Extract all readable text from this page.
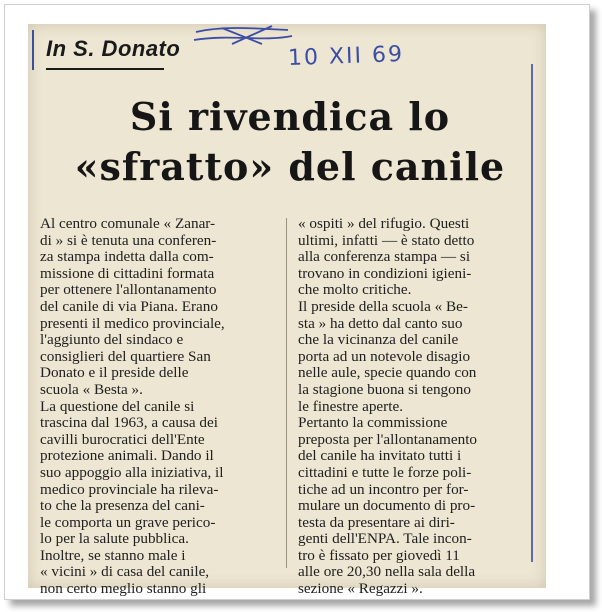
In S. Donato	10 XII 69
Si rivendica lo
«sfratto» del canile

Al centro comunale « Zanar-

di » si è tenuta una conferen-

za stampa indetta dalla com-

missione di cittadini formata

per ottenere l'allontanamento

del canile di via Piana. Erano

presenti il medico provinciale,

l'aggiunto del sindaco e

consiglieri del quartiere San

Donato e il preside delle

scuola « Besta ».

La questione del canile si

trascina dal 1963, a causa dei

cavilli burocratici dell'Ente

protezione animali. Dando il

suo appoggio alla iniziativa, il

medico provinciale ha rileva-

to che la presenza del cani-

le comporta un grave perico-

lo per la salute pubblica.

Inoltre, se stanno male i

« vicini » di casa del canile,

non certo meglio stanno gli

« ospiti » del rifugio. Questi

ultimi, infatti — è stato detto

alla conferenza stampa — si

trovano in condizioni igieni-

che molto critiche.

Il preside della scuola « Be-

sta » ha detto dal canto suo

che la vicinanza del canile

porta ad un notevole disagio

nelle aule, specie quando con

la stagione buona si tengono

le finestre aperte.

Pertanto la commissione

preposta per l'allontanamento

del canile ha invitato tutti i

cittadini e tutte le forze poli-

tiche ad un incontro per for-

mulare un documento di pro-

testa da presentare ai diri-

genti dell'ENPA. Tale incon-

tro è fissato per giovedì 11

alle ore 20,30 nella sala della

sezione « Regazzi ».
